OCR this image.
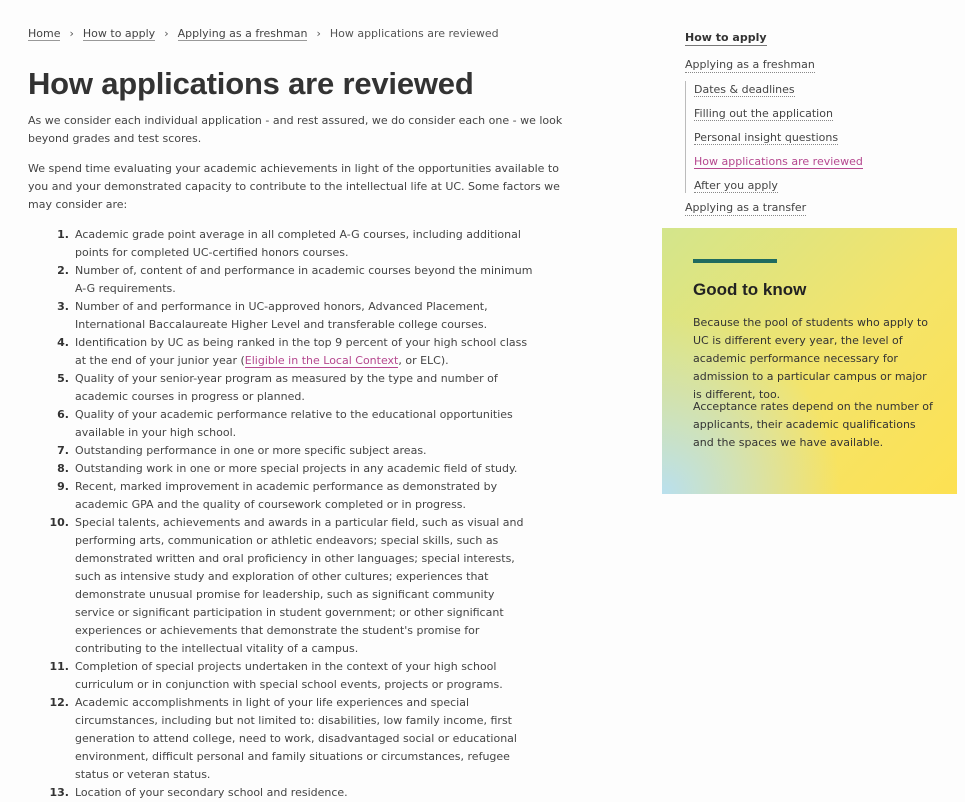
Home › How to apply › Applying as a freshman › How applications are reviewed
How applications are reviewed

As we consider each individual application - and rest assured, we do consider each one - we look beyond grades and test scores.

We spend time evaluating your academic achievements in light of the opportunities available to you and your demonstrated capacity to contribute to the intellectual life at UC. Some factors we may consider are:

1. Academic grade point average in all completed A-G courses, including additional points for completed UC-certified honors courses.
2. Number of, content of and performance in academic courses beyond the minimum A-G requirements.
3. Number of and performance in UC-approved honors, Advanced Placement, International Baccalaureate Higher Level and transferable college courses.
4. Identification by UC as being ranked in the top 9 percent of your high school class at the end of your junior year (Eligible in the Local Context, or ELC).
5. Quality of your senior-year program as measured by the type and number of academic courses in progress or planned.
6. Quality of your academic performance relative to the educational opportunities available in your high school.
7. Outstanding performance in one or more specific subject areas.
8. Outstanding work in one or more special projects in any academic field of study.
9. Recent, marked improvement in academic performance as demonstrated by academic GPA and the quality of coursework completed or in progress.
10. Special talents, achievements and awards in a particular field, such as visual and performing arts, communication or athletic endeavors; special skills, such as demonstrated written and oral proficiency in other languages; special interests, such as intensive study and exploration of other cultures; experiences that demonstrate unusual promise for leadership, such as significant community service or significant participation in student government; or other significant experiences or achievements that demonstrate the student's promise for contributing to the intellectual vitality of a campus.
11. Completion of special projects undertaken in the context of your high school curriculum or in conjunction with special school events, projects or programs.
12. Academic accomplishments in light of your life experiences and special circumstances, including but not limited to: disabilities, low family income, first generation to attend college, need to work, disadvantaged social or educational environment, difficult personal and family situations or circumstances, refugee status or veteran status.
13. Location of your secondary school and residence.
How to apply
Applying as a freshman
Dates & deadlines
Filling out the application
Personal insight questions
How applications are reviewed
After you apply
Applying as a transfer
Good to know

Because the pool of students who apply to UC is different every year, the level of academic performance necessary for admission to a particular campus or major is different, too.

Acceptance rates depend on the number of applicants, their academic qualifications and the spaces we have available.
